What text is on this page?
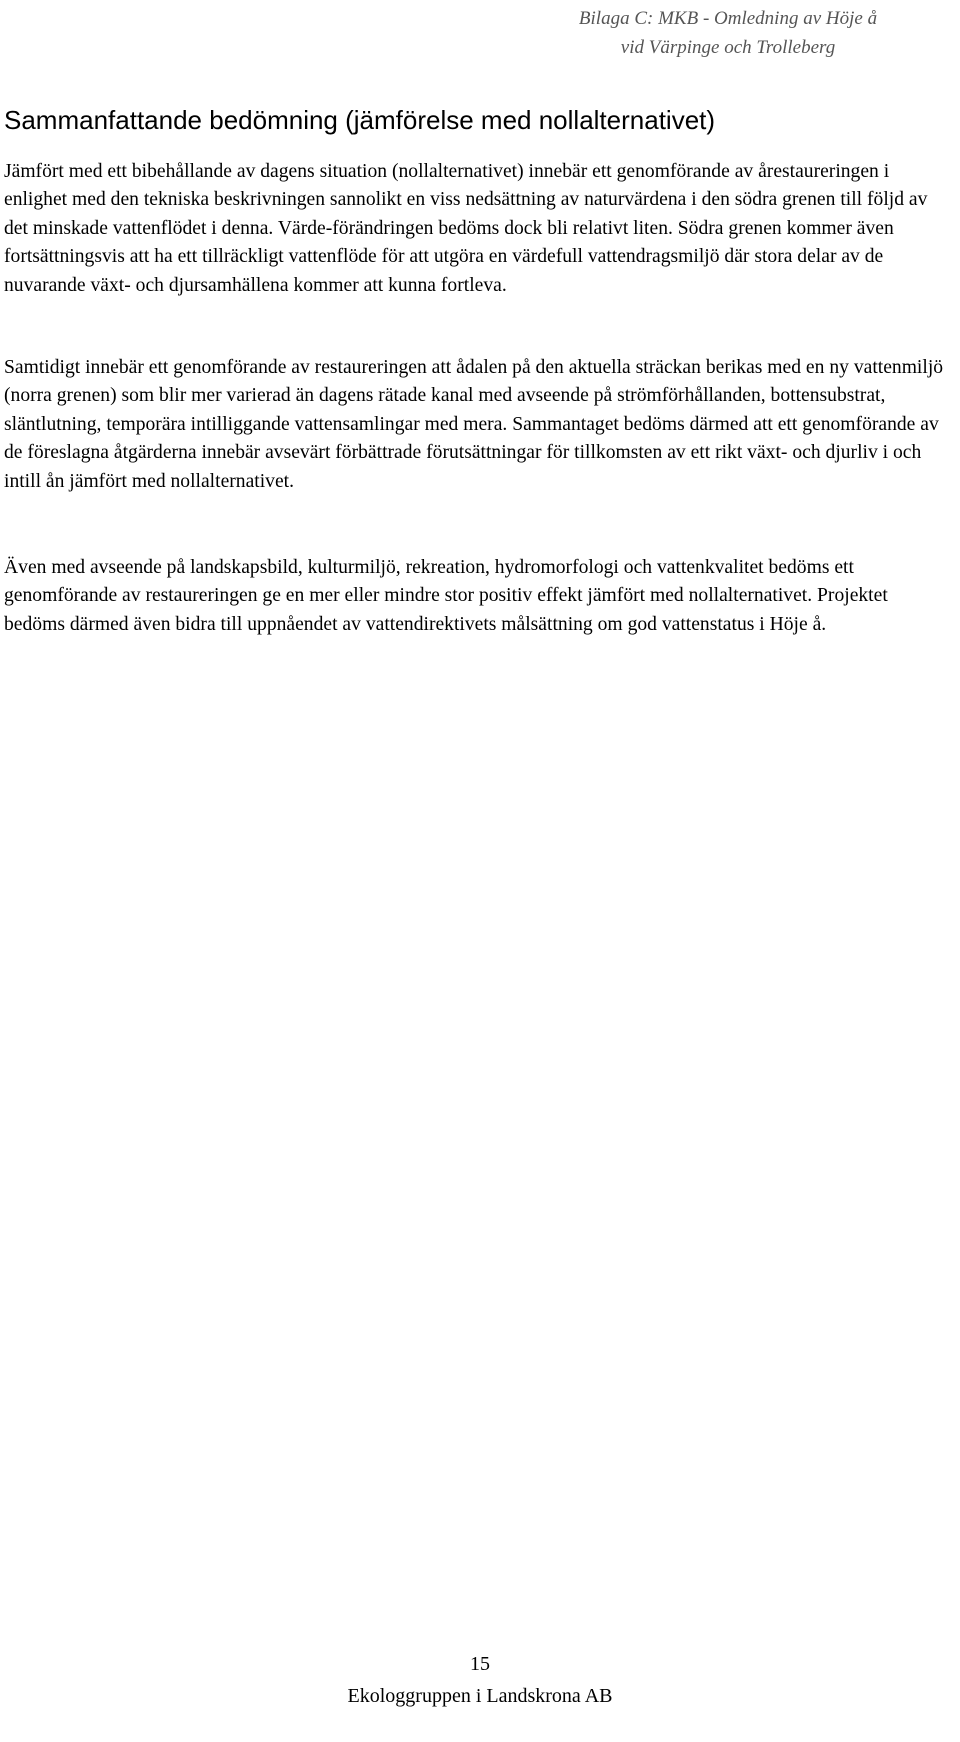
Bilaga C: MKB - Omledning av Höje å
vid Värpinge och Trolleberg
Sammanfattande bedömning (jämförelse med nollalternativet)

Jämfört med ett bibehållande av dagens situation (nollalternativet) innebär ett genomförande av årestaureringen i enlighet med den tekniska beskrivningen sannolikt en viss nedsättning av naturvärdena i den södra grenen till följd av det minskade vattenflödet i denna. Värde-förändringen bedöms dock bli relativt liten. Södra grenen kommer även fortsättningsvis att ha ett tillräckligt vattenflöde för att utgöra en värdefull vattendragsmiljö där stora delar av de nuvarande växt- och djursamhällena kommer att kunna fortleva.

Samtidigt innebär ett genomförande av restaureringen att ådalen på den aktuella sträckan berikas med en ny vattenmiljö (norra grenen) som blir mer varierad än dagens rätade kanal med avseende på strömförhållanden, bottensubstrat, släntlutning, temporära intilliggande vattensamlingar med mera. Sammantaget bedöms därmed att ett genomförande av de föreslagna åtgärderna innebär avsevärt förbättrade förutsättningar för tillkomsten av ett rikt växt- och djurliv i och intill ån jämfört med nollalternativet.

Även med avseende på landskapsbild, kulturmiljö, rekreation, hydromorfologi och vattenkvalitet bedöms ett genomförande av restaureringen ge en mer eller mindre stor positiv effekt jämfört med nollalternativet. Projektet bedöms därmed även bidra till uppnåendet av vattendirektivets målsättning om god vattenstatus i Höje å.

15
Ekologgruppen i Landskrona AB
